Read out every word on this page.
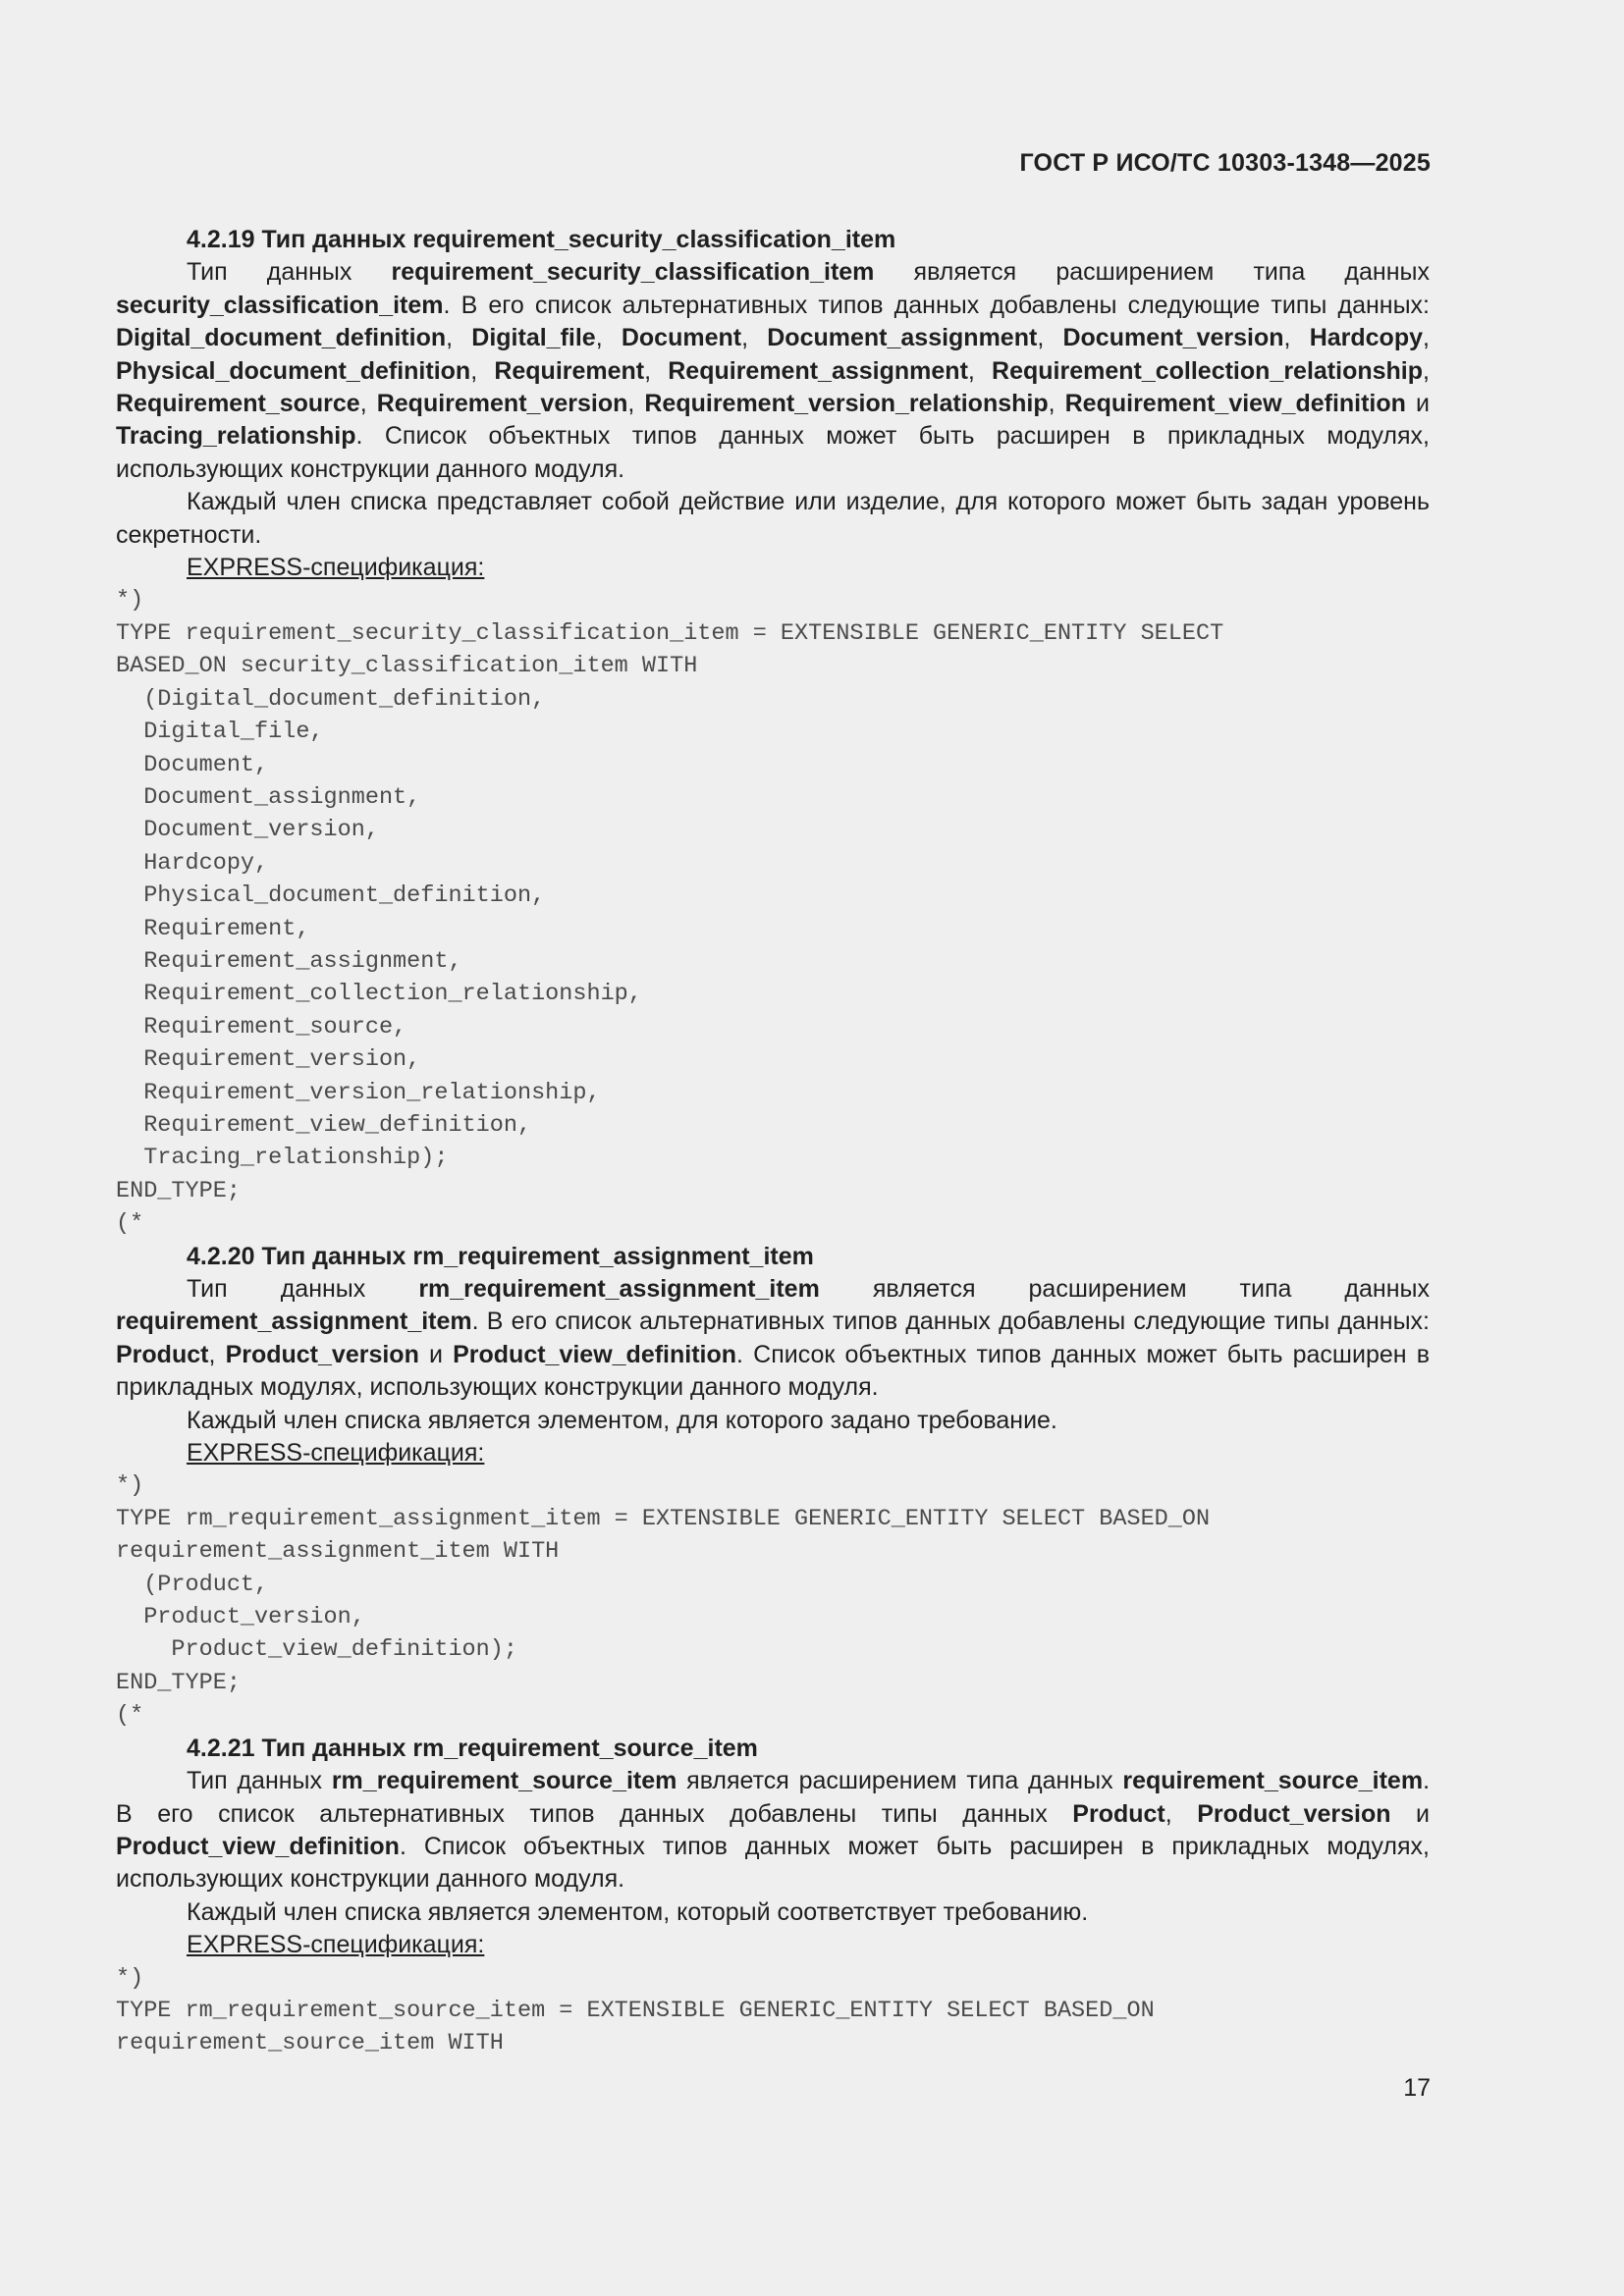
ГОСТ Р ИСО/ТС 10303-1348—2025

4.2.19 Тип данных requirement_security_classification_item

Тип данных requirement_security_classification_item является расширением типа данных security_classification_item. В его список альтернативных типов данных добавлены следующие типы данных: Digital_document_definition, Digital_file, Document, Document_assignment, Document_version, Hardcopy, Physical_document_definition, Requirement, Requirement_assignment, Requirement_collection_relationship, Requirement_source, Requirement_version, Requirement_version_relationship, Requirement_view_definition и Tracing_relationship. Список объектных типов данных может быть расширен в прикладных модулях, использующих конструкции данного модуля.

Каждый член списка представляет собой действие или изделие, для которого может быть задан уровень секретности.

EXPRESS-спецификация:

*)
TYPE requirement_security_classification_item = EXTENSIBLE GENERIC_ENTITY SELECT
BASED_ON security_classification_item WITH
(Digital_document_definition,
Digital_file,
Document,
Document_assignment,
Document_version,
Hardcopy,
Physical_document_definition,
Requirement,
Requirement_assignment,
Requirement_collection_relationship,
Requirement_source,
Requirement_version,
Requirement_version_relationship,
Requirement_view_definition,
Tracing_relationship);
END_TYPE;
(*

4.2.20 Тип данных rm_requirement_assignment_item

Тип данных rm_requirement_assignment_item является расширением типа данных requirement_assignment_item. В его список альтернативных типов данных добавлены следующие типы данных: Product, Product_version и Product_view_definition. Список объектных типов данных может быть расширен в прикладных модулях, использующих конструкции данного модуля.

Каждый член списка является элементом, для которого задано требование.

EXPRESS-спецификация:

*)
TYPE rm_requirement_assignment_item = EXTENSIBLE GENERIC_ENTITY SELECT BASED_ON
requirement_assignment_item WITH
(Product,
Product_version,
Product_view_definition);
END_TYPE;
(*

4.2.21 Тип данных rm_requirement_source_item

Тип данных rm_requirement_source_item является расширением типа данных requirement_source_item. В его список альтернативных типов данных добавлены типы данных Product, Product_version и Product_view_definition. Список объектных типов данных может быть расширен в прикладных модулях, использующих конструкции данного модуля.

Каждый член списка является элементом, который соответствует требованию.

EXPRESS-спецификация:

*)
TYPE rm_requirement_source_item = EXTENSIBLE GENERIC_ENTITY SELECT BASED_ON
requirement_source_item WITH
17
